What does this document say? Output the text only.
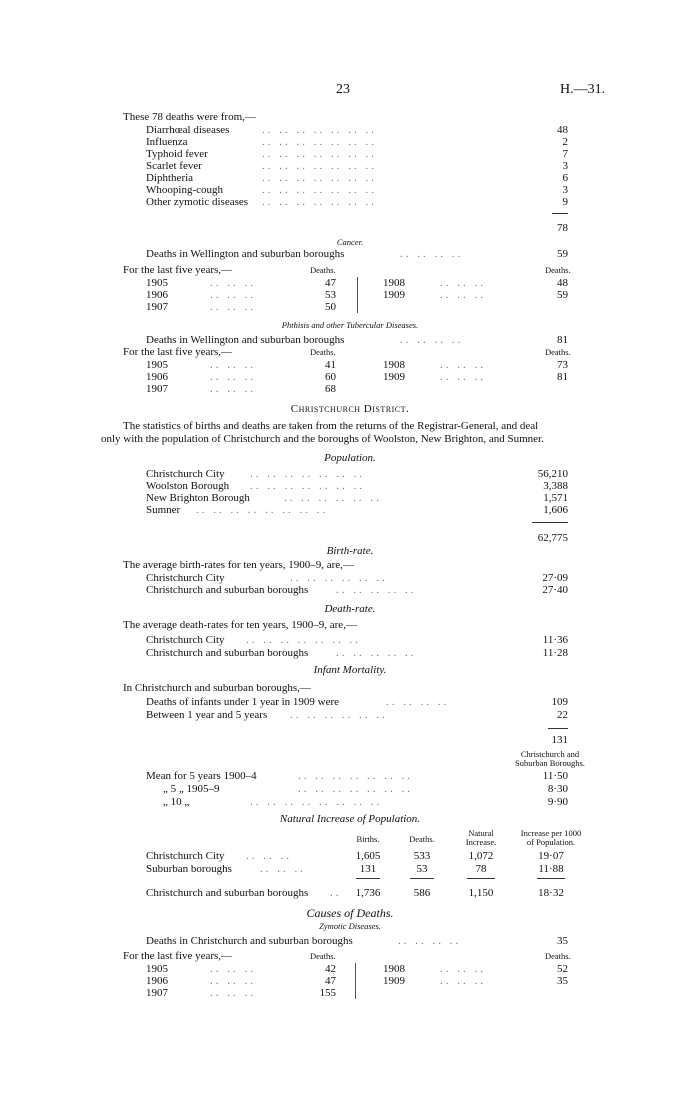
23	H.—31.
These 78 deaths were from,—
Diarrhœal diseases	.. .. .. .. .. .. ..	48
Influenza	.. .. .. .. .. .. ..	2
Typhoid fever	.. .. .. .. .. .. ..	7
Scarlet fever	.. .. .. .. .. .. ..	3
Diphtheria	.. .. .. .. .. .. ..	6
Whooping-cough	.. .. .. .. .. .. ..	3
Other zymotic diseases .. .. .. .. .. .. ..	9
78
Cancer.
Deaths in Wellington and suburban boroughs	.. .. .. ..	59
For the last five years,—	Deaths.	Deaths.
1905	.. .. ..	47
1906	.. .. ..	53
1907	.. .. ..	50
1908	.. .. ..	48
1909	.. .. ..	59
Phthisis and other Tubercular Diseases.
Deaths in Wellington and suburban boroughs	.. .. .. ..	81
For the last five years,—	Deaths.	Deaths.
1905	.. .. ..	41
1906	.. .. ..	60
1907	.. .. ..	68
1908	.. .. ..	73
1909	.. .. ..	81
Christchurch District.
The statistics of births and deaths are taken from the returns of the Registrar-General, and deal
only with the population of Christchurch and the boroughs of Woolston, New Brighton, and Sumner.
Population.
Christchurch City .. .. .. .. .. .. ..	56,210
Woolston Borough .. .. .. .. .. .. ..	3,388
New Brighton Borough	.. .. .. .. .. ..	1,571
Sumner .. .. .. .. .. .. .. ..	1,606
62,775
Birth-rate.
The average birth-rates for ten years, 1900–9, are,—
Christchurch City	.. .. .. .. .. ..	27·09
Christchurch and suburban boroughs	.. .. .. .. ..	27·40
Death-rate.
The average death-rates for ten years, 1900–9, are,—
Christchurch City .. .. .. .. .. .. ..	11·36
Christchurch and suburban boroughs	.. .. .. .. ..	11·28
Infant Mortality.
In Christchurch and suburban boroughs,—
Deaths of infants under 1 year in 1909 were	.. .. .. ..	109
Between 1 year and 5 years .. .. .. .. .. ..	22
131
Christchurch and
Suburban Boroughs.
Mean for 5 years 1900–4	.. .. .. .. .. .. ..	11·50
„ 5 „ 1905–9	.. .. .. .. .. .. ..	8·30
„ 10 „	.. .. .. .. .. .. .. ..	9·90
Natural Increase of Population.
Births.	Deaths.
Natural
Increase.
Increase per 1000
of Population.
Christchurch City .. .. ..	1,605	533	1,072	19·07
Suburban boroughs	.. .. ..	131	53	78	11·88
Christchurch and suburban boroughs ..	1,736	586	1,150	18·32
Causes of Deaths.
Zymotic Diseases.
Deaths in Christchurch and suburban boroughs	.. .. .. ..	35
For the last five years,—	Deaths.	Deaths.
1905	.. .. ..	42
1906	.. .. ..	47
1907	.. .. ..	155
1908	.. .. ..	52
1909	.. .. ..	35
